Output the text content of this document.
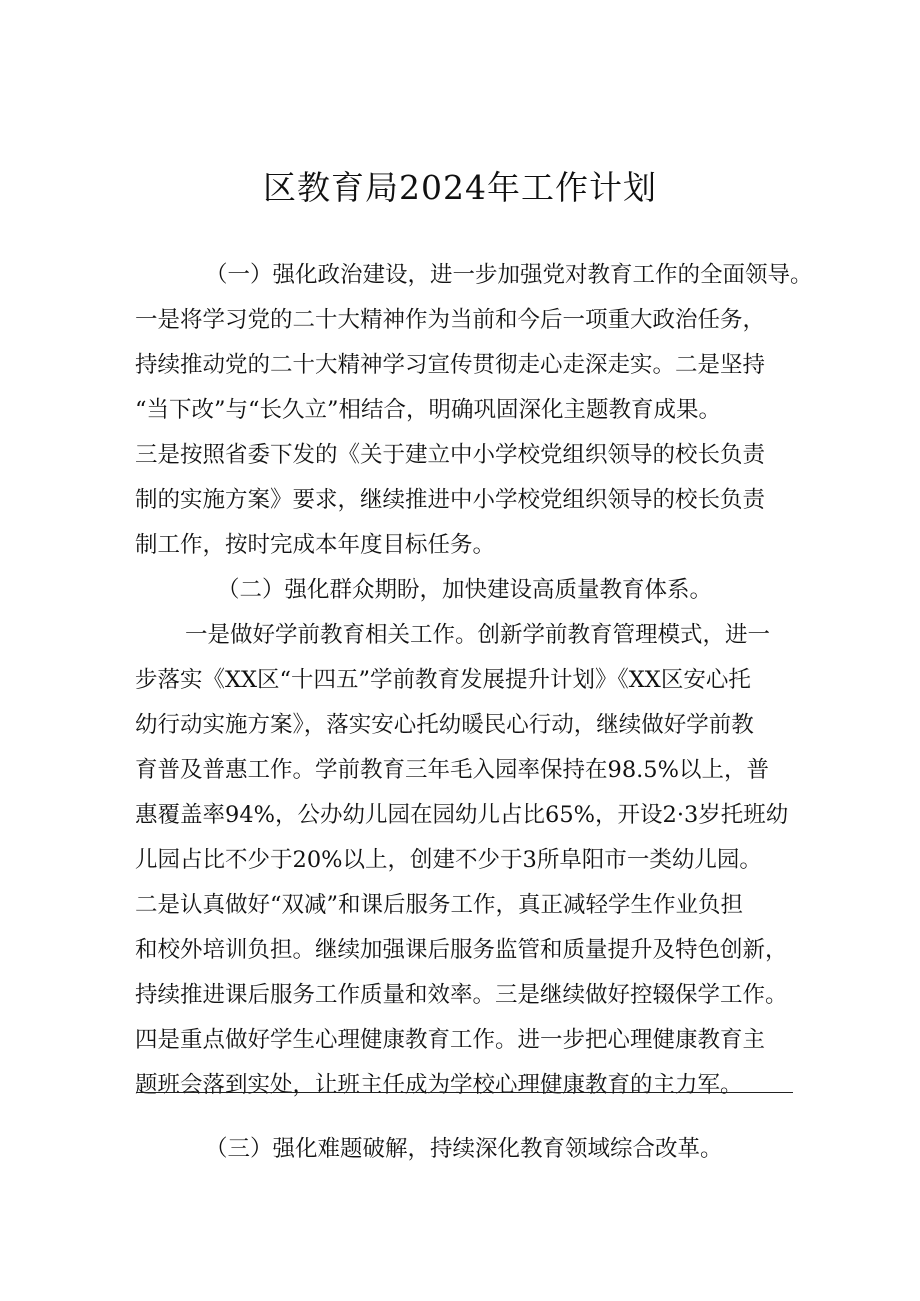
区教育局2024年工作计划

（一）强化政治建设，进一步加强党对教育工作的全面领导。

一是将学习党的二十大精神作为当前和今后一项重大政治任务，

持续推动党的二十大精神学习宣传贯彻走心走深走实。二是坚持

“当下改”与“长久立”相结合，明确巩固深化主题教育成果。

三是按照省委下发的《关于建立中小学校党组织领导的校长负责

制的实施方案》要求，继续推进中小学校党组织领导的校长负责

制工作，按时完成本年度目标任务。

（二）强化群众期盼，加快建设高质量教育体系。

一是做好学前教育相关工作。创新学前教育管理模式，进一

步落实《XX区“十四五”学前教育发展提升计划》《XX区安心托

幼行动实施方案》，落实安心托幼暖民心行动，继续做好学前教

育普及普惠工作。学前教育三年毛入园率保持在98.5%以上，普

惠覆盖率94%，公办幼儿园在园幼儿占比65%，开设2·3岁托班幼

儿园占比不少于20%以上，创建不少于3所阜阳市一类幼儿园。

二是认真做好“双减”和课后服务工作，真正减轻学生作业负担

和校外培训负担。继续加强课后服务监管和质量提升及特色创新，

持续推进课后服务工作质量和效率。三是继续做好控辍保学工作。

四是重点做好学生心理健康教育工作。进一步把心理健康教育主

题班会落到实处，让班主任成为学校心理健康教育的主力军。

（三）强化难题破解，持续深化教育领域综合改革。
